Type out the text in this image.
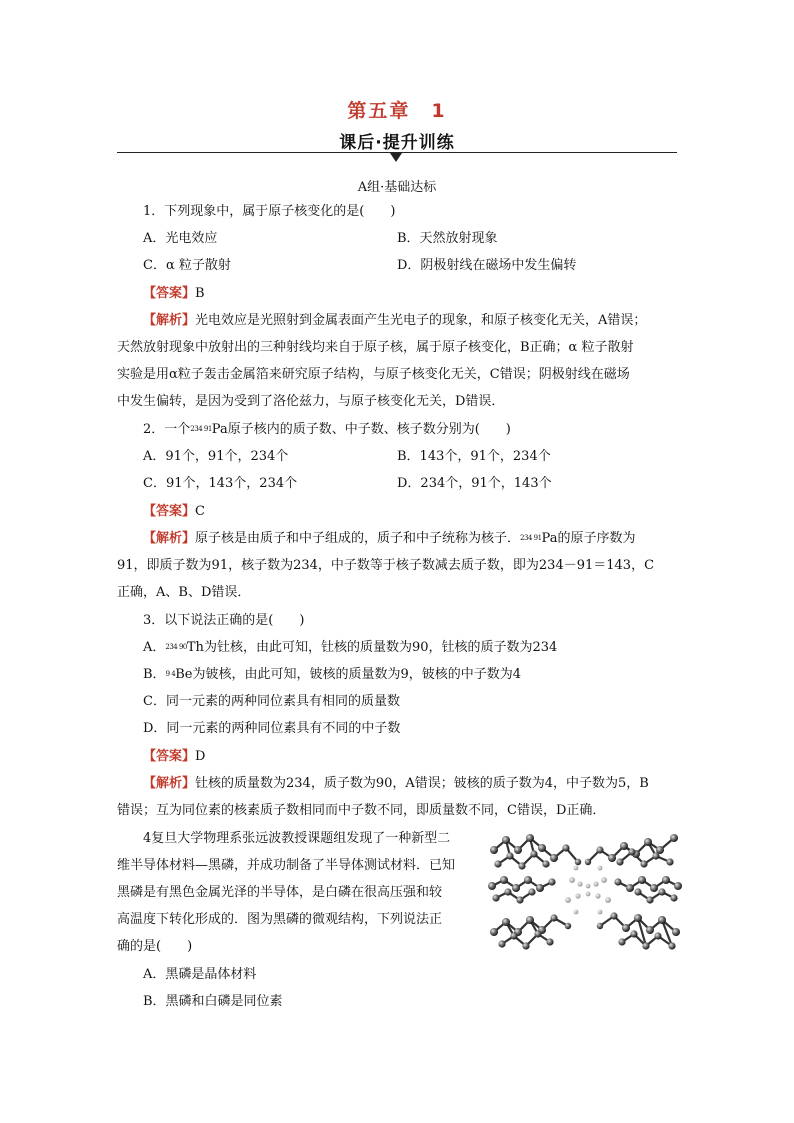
第五章　1
课后·提升训练
A组·基础达标
1．下列现象中，属于原子核变化的是(　　)
A．光电效应	B．天然放射现象
C．α 粒子散射	D．阴极射线在磁场中发生偏转
【答案】B
【解析】光电效应是光照射到金属表面产生光电子的现象，和原子核变化无关，A错误；
天然放射现象中放射出的三种射线均来自于原子核，属于原子核变化，B正确；α 粒子散射
实验是用α粒子轰击金属箔来研究原子结构，与原子核变化无关，C错误；阴极射线在磁场
中发生偏转，是因为受到了洛伦兹力，与原子核变化无关，D错误．
2．一个$^{234 91}$Pa原子核内的质子数、中子数、核子数分别为(　　)
A．91个，91个，234个	B．143个，91个，234个
C．91个，143个，234个	D．234个，91个，143个
【答案】C
【解析】原子核是由质子和中子组成的，质子和中子统称为核子．$^{234 91}$Pa的原子序数为
91，即质子数为91，核子数为234，中子数等于核子数减去质子数，即为234－91＝143，C
正确，A、B、D错误．
3．以下说法正确的是(　　)
A．$^{234 90}$Th为钍核，由此可知，钍核的质量数为90，钍核的质子数为234
B．$^{9 4}$Be为铍核，由此可知，铍核的质量数为9，铍核的中子数为4
C．同一元素的两种同位素具有相同的质量数
D．同一元素的两种同位素具有不同的中子数
【答案】D
【解析】钍核的质量数为234，质子数为90，A错误；铍核的质子数为4，中子数为5，B
错误；互为同位素的核素质子数相同而中子数不同，即质量数不同，C错误，D正确．
4复旦大学物理系张远波教授课题组发现了一种新型二
维半导体材料—黑磷，并成功制备了半导体测试材料．已知
黑磷是有黑色金属光泽的半导体，是白磷在很高压强和较
高温度下转化形成的．图为黑磷的微观结构，下列说法正
确的是(　　)
A．黑磷是晶体材料
B．黑磷和白磷是同位素
